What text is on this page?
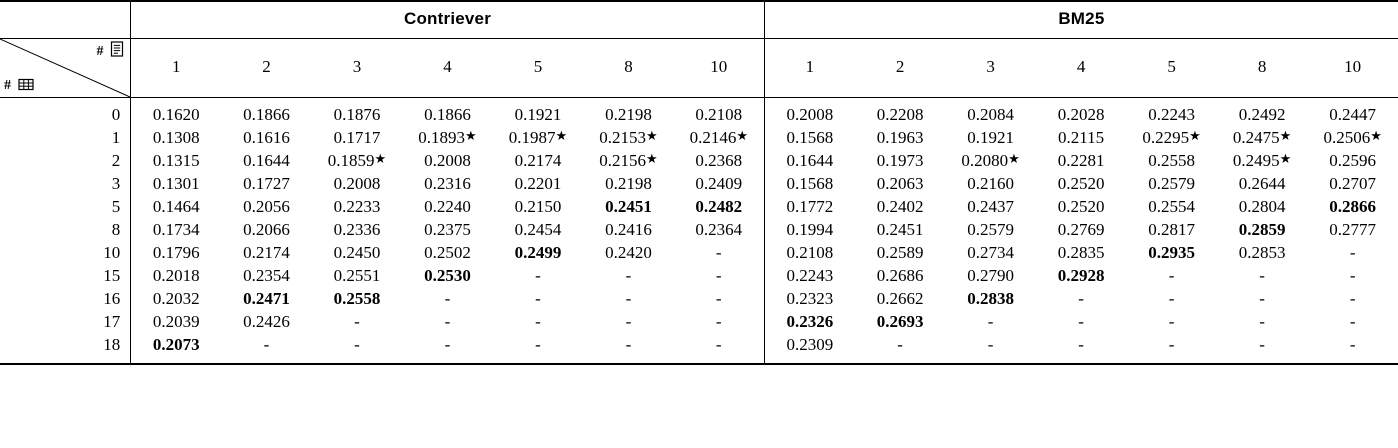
	Contriever							BM25						

#
#	1	2	3	4	5	8	10	1	2	3	4	5	8	10
0	0.1620	0.1866	0.1876	0.1866	0.1921	0.2198	0.2108	0.2008	0.2208	0.2084	0.2028	0.2243	0.2492	0.2447
1	0.1308	0.1616	0.1717	0.1893★	0.1987★	0.2153★	0.2146★	0.1568	0.1963	0.1921	0.2115	0.2295★	0.2475★	0.2506★
2	0.1315	0.1644	0.1859★	0.2008	0.2174	0.2156★	0.2368	0.1644	0.1973	0.2080★	0.2281	0.2558	0.2495★	0.2596
3	0.1301	0.1727	0.2008	0.2316	0.2201	0.2198	0.2409	0.1568	0.2063	0.2160	0.2520	0.2579	0.2644	0.2707
5	0.1464	0.2056	0.2233	0.2240	0.2150	0.2451	0.2482	0.1772	0.2402	0.2437	0.2520	0.2554	0.2804	0.2866
8	0.1734	0.2066	0.2336	0.2375	0.2454	0.2416	0.2364	0.1994	0.2451	0.2579	0.2769	0.2817	0.2859	0.2777
10	0.1796	0.2174	0.2450	0.2502	0.2499	0.2420	-	0.2108	0.2589	0.2734	0.2835	0.2935	0.2853	-
15	0.2018	0.2354	0.2551	0.2530	-	-	-	0.2243	0.2686	0.2790	0.2928	-	-	-
16	0.2032	0.2471	0.2558	-	-	-	-	0.2323	0.2662	0.2838	-	-	-	-
17	0.2039	0.2426	-	-	-	-	-	0.2326	0.2693	-	-	-	-	-
18	0.2073	-	-	-	-	-	-	0.2309	-	-	-	-	-	-
